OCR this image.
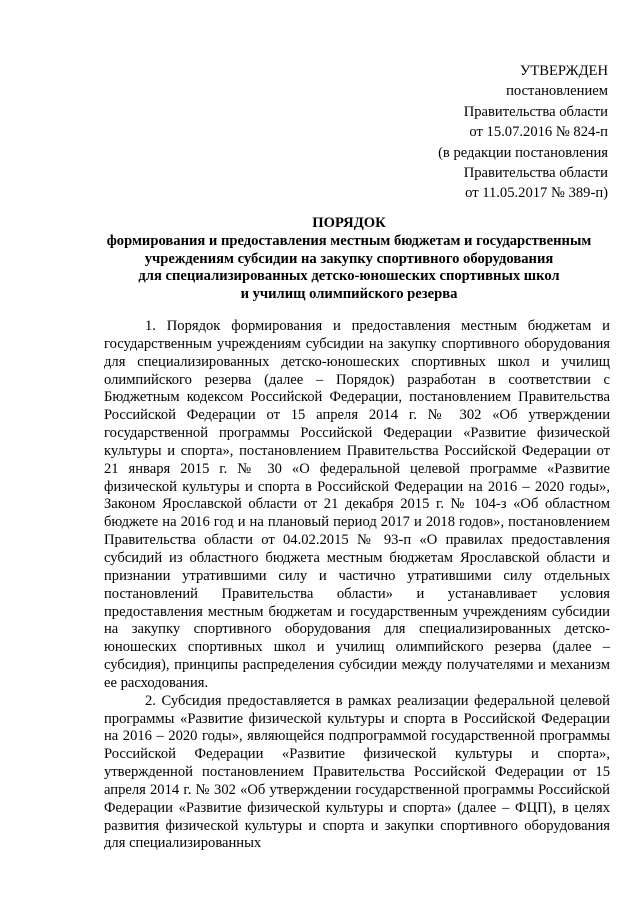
УТВЕРЖДЕН
постановлением
Правительства области
от 15.07.2016 № 824-п
(в редакции постановления
Правительства области
от 11.05.2017 № 389-п)
ПОРЯДОК
формирования и предоставления местным бюджетам и государственным
учреждениям субсидии на закупку спортивного оборудования
для специализированных детско-юношеских спортивных школ
и училищ олимпийского резерва

1. Порядок формирования и предоставления местным бюджетам и государственным учреждениям субсидии на закупку спортивного оборудования для специализированных детско-юношеских спортивных школ и училищ олимпийского резерва (далее – Порядок) разработан в соответствии с Бюджетным кодексом Российской Федерации, постановлением Правительства Российской Федерации от 15 апреля 2014 г. № 302 «Об утверждении государственной программы Российской Федерации «Развитие физической культуры и спорта», постановлением Правительства Российской Федерации от 21 января 2015 г. № 30 «О федеральной целевой программе «Развитие физической культуры и спорта в Российской Федерации на 2016 – 2020 годы», Законом Ярославской области от 21 декабря 2015 г. № 104-з «Об областном бюджете на 2016 год и на плановый период 2017 и 2018 годов», постановлением Правительства области от 04.02.2015 № 93-п «О правилах предоставления субсидий из областного бюджета местным бюджетам Ярославской области и признании утратившими силу и частично утратившими силу отдельных постановлений Правительства области» и устанавливает условия предоставления местным бюджетам и государственным учреждениям субсидии на закупку спортивного оборудования для специализированных детско-юношеских спортивных школ и училищ олимпийского резерва (далее – субсидия), принципы распределения субсидии между получателями и механизм ее расходования.

2. Субсидия предоставляется в рамках реализации федеральной целевой программы «Развитие физической культуры и спорта в Российской Федерации на 2016 – 2020 годы», являющейся подпрограммой государственной программы Российской Федерации «Развитие физической культуры и спорта», утвержденной постановлением Правительства Российской Федерации от 15 апреля 2014 г. № 302 «Об утверждении государственной программы Российской Федерации «Развитие физической культуры и спорта» (далее – ФЦП), в целях развития физической культуры и спорта и закупки спортивного оборудования для специализированных
